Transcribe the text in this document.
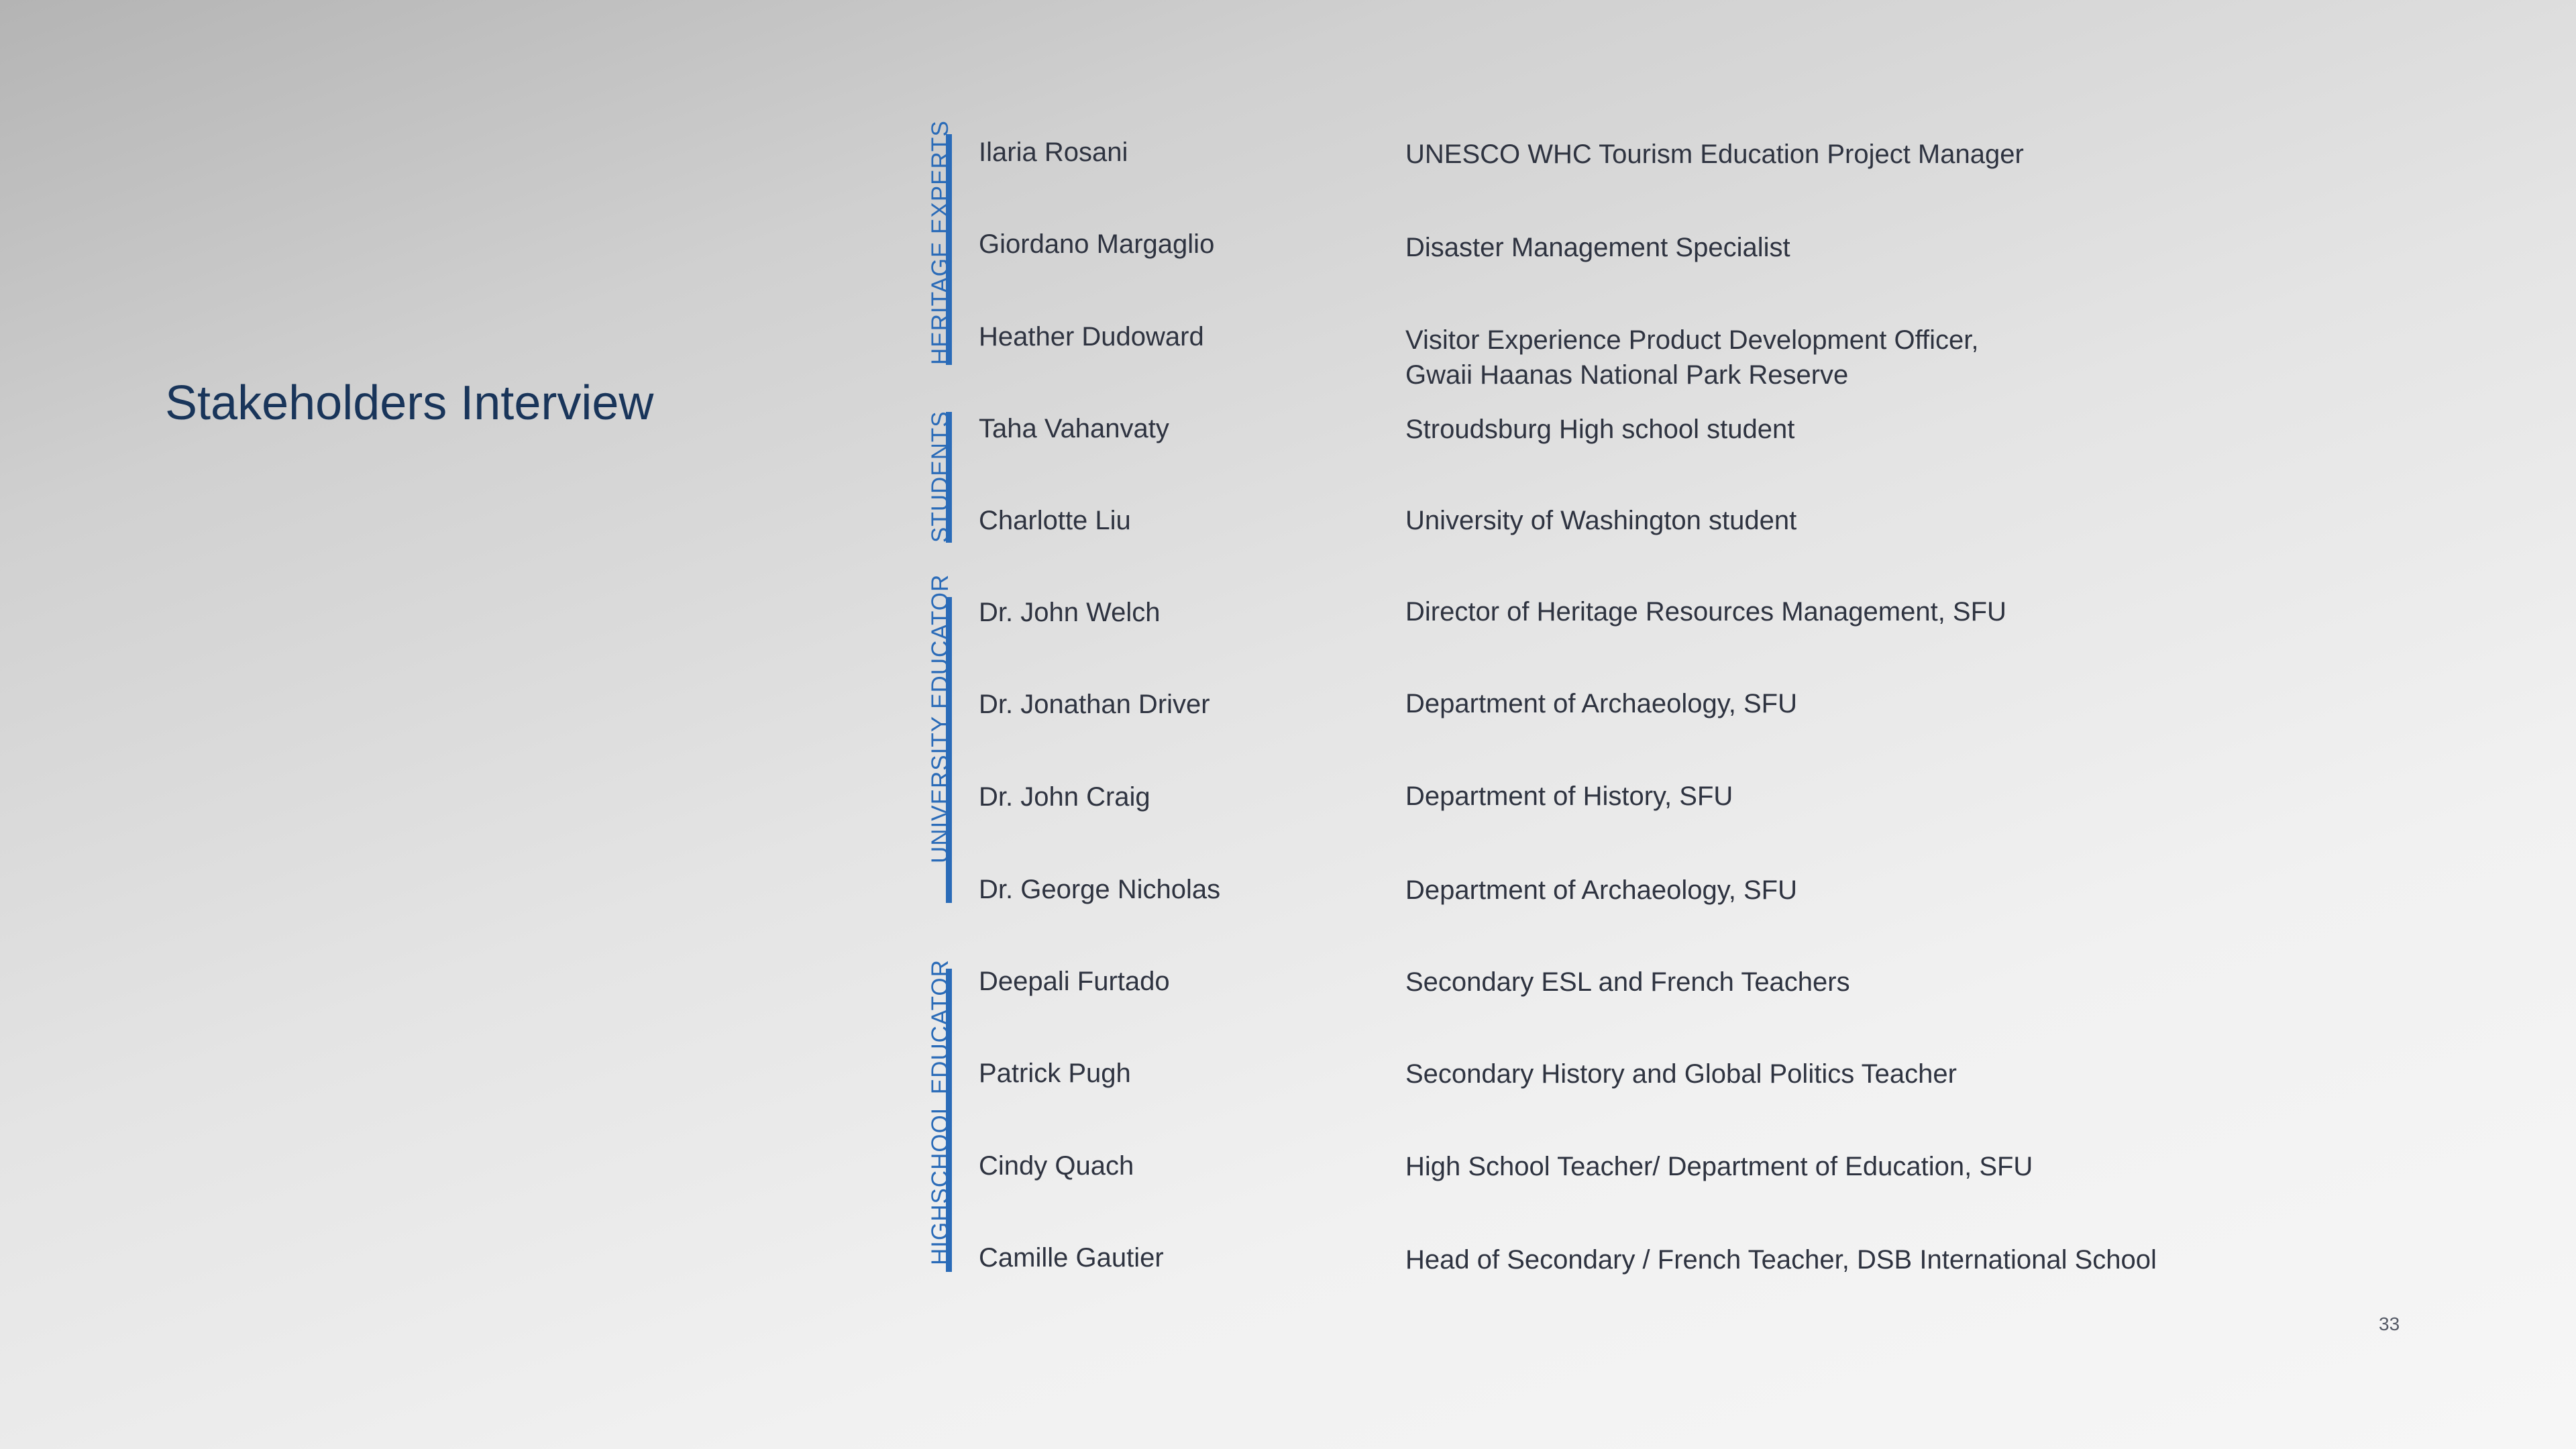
Stakeholders Interview
HERITAGE EXPERTS
STUDENTS
UNIVERSITY EDUCATOR
HIGHSCHOOL EDUCATOR
Ilaria Rosani	UNESCO WHC Tourism Education Project Manager
Giordano Margaglio	Disaster Management Specialist
Heather Dudoward	Visitor Experience Product Development Officer,
Gwaii Haanas National Park Reserve
Taha Vahanvaty	Stroudsburg High school student
Charlotte Liu	University of Washington student
Dr. John Welch	Director of Heritage Resources Management, SFU
Dr. Jonathan Driver	Department of Archaeology, SFU
Dr. John Craig	Department of History, SFU
Dr. George Nicholas	Department of Archaeology, SFU
Deepali Furtado	Secondary ESL and French Teachers
Patrick Pugh	Secondary History and Global Politics Teacher
Cindy Quach	High School Teacher/ Department of Education, SFU
Camille Gautier	Head of Secondary / French Teacher, DSB International School
33
